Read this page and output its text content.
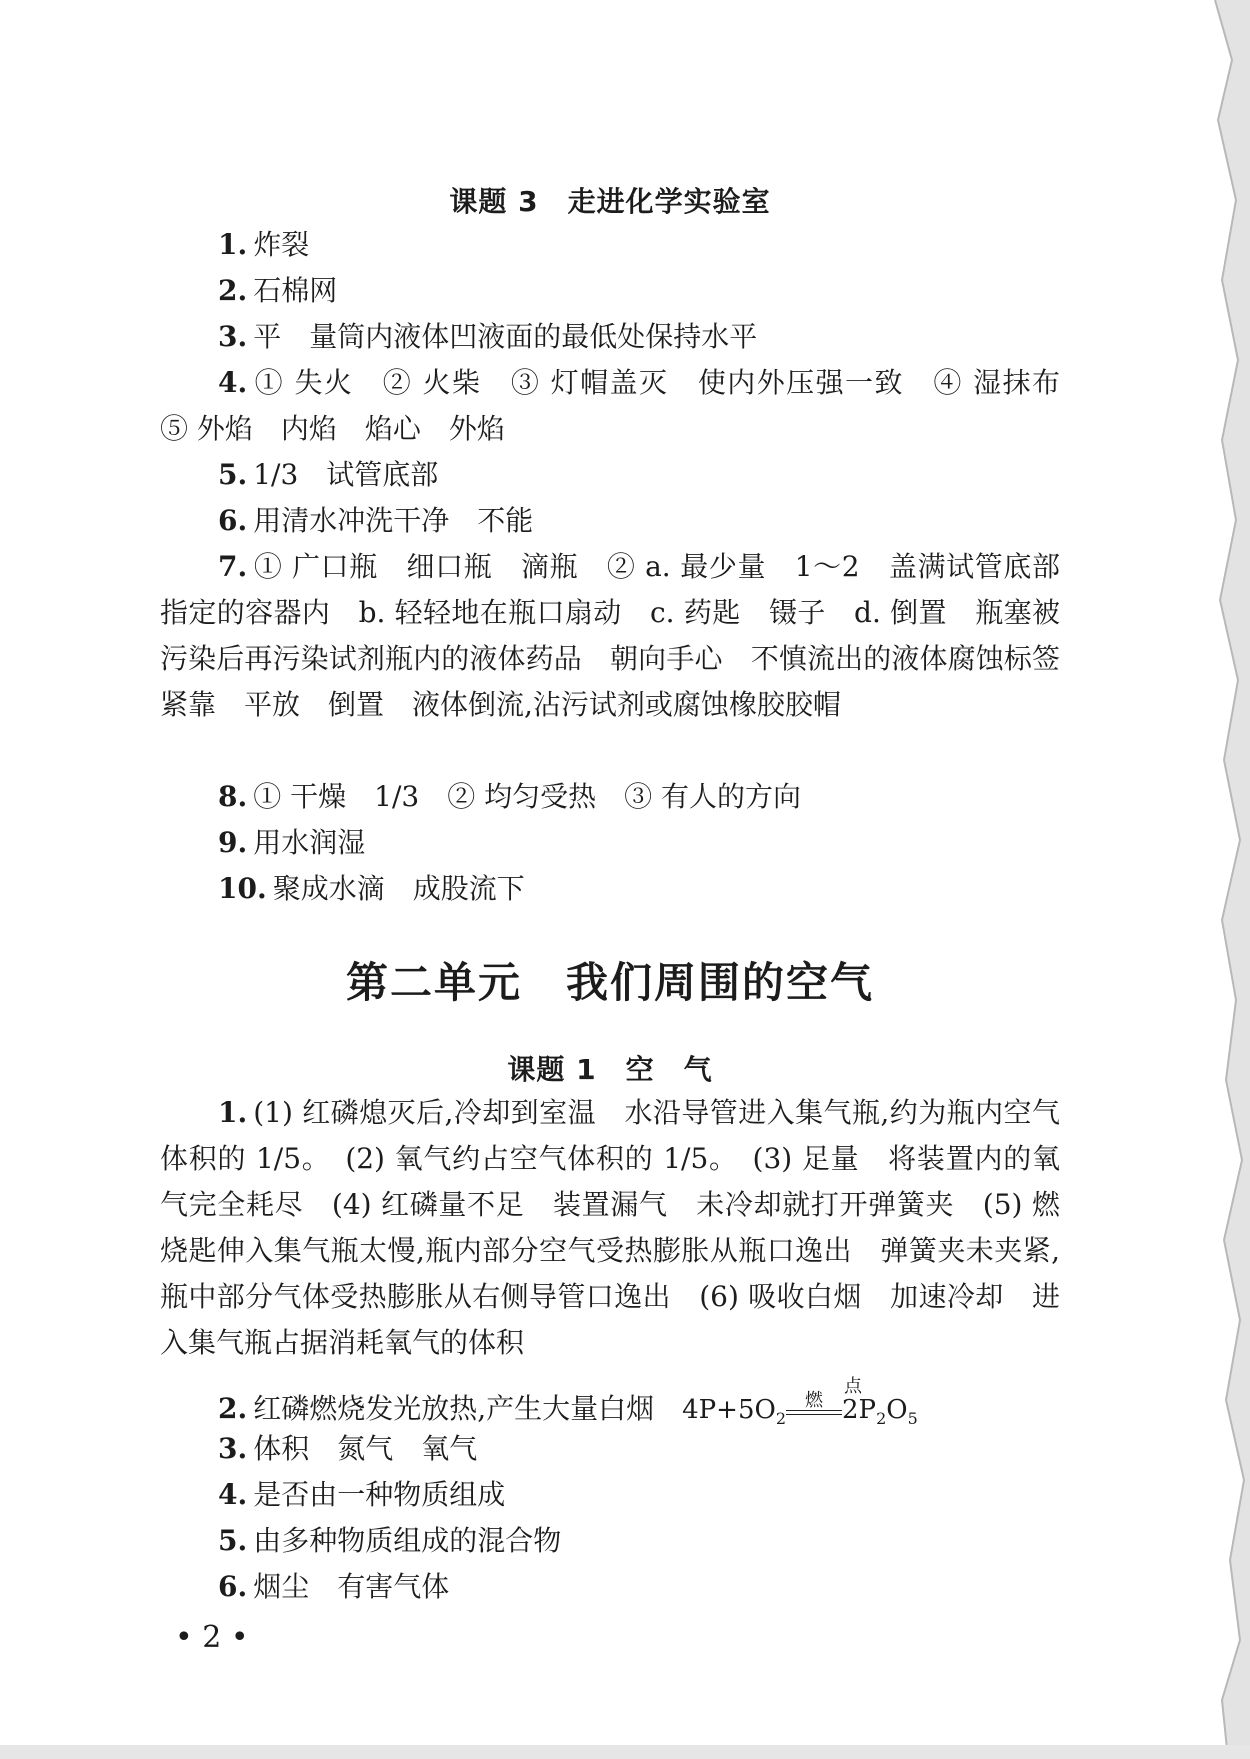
课题 3　走进化学实验室
1. 炸裂
2. 石棉网
3. 平　量筒内液体凹液面的最低处保持水平
4. ① 失火　② 火柴　③ 灯帽盖灭　使内外压强一致　④ 湿抹布　⑤ 外焰　内焰　焰心　外焰
5. 1/3　试管底部
6. 用清水冲洗干净　不能
7. ① 广口瓶　细口瓶　滴瓶　② a. 最少量　1～2　盖满试管底部　指定的容器内　b. 轻轻地在瓶口扇动　c. 药匙　镊子　d. 倒置　瓶塞被污染后再污染试剂瓶内的液体药品　朝向手心　不慎流出的液体腐蚀标签　紧靠　平放　倒置　液体倒流,沾污试剂或腐蚀橡胶胶帽
8. ① 干燥　1/3　② 均匀受热　③ 有人的方向
9. 用水润湿
10. 聚成水滴　成股流下
第二单元　我们周围的空气
课题 1　空　气
1. (1) 红磷熄灭后,冷却到室温　水沿导管进入集气瓶,约为瓶内空气体积的 1/5。　(2) 氧气约占空气体积的 1/5。　(3) 足量　将装置内的氧气完全耗尽　(4) 红磷量不足　装置漏气　未冷却就打开弹簧夹　(5) 燃烧匙伸入集气瓶太慢,瓶内部分空气受热膨胀从瓶口逸出　弹簧夹未夹紧,瓶中部分气体受热膨胀从右侧导管口逸出　(6) 吸收白烟　加速冷却　进入集气瓶占据消耗氧气的体积
2. 红磷燃烧发光放热,产生大量白烟　$4P+5O_2$
点燃 $2P_2O_5$
3. 体积　氮气　氧气
4. 是否由一种物质组成
5. 由多种物质组成的混合物
6. 烟尘　有害气体
• 2 •
